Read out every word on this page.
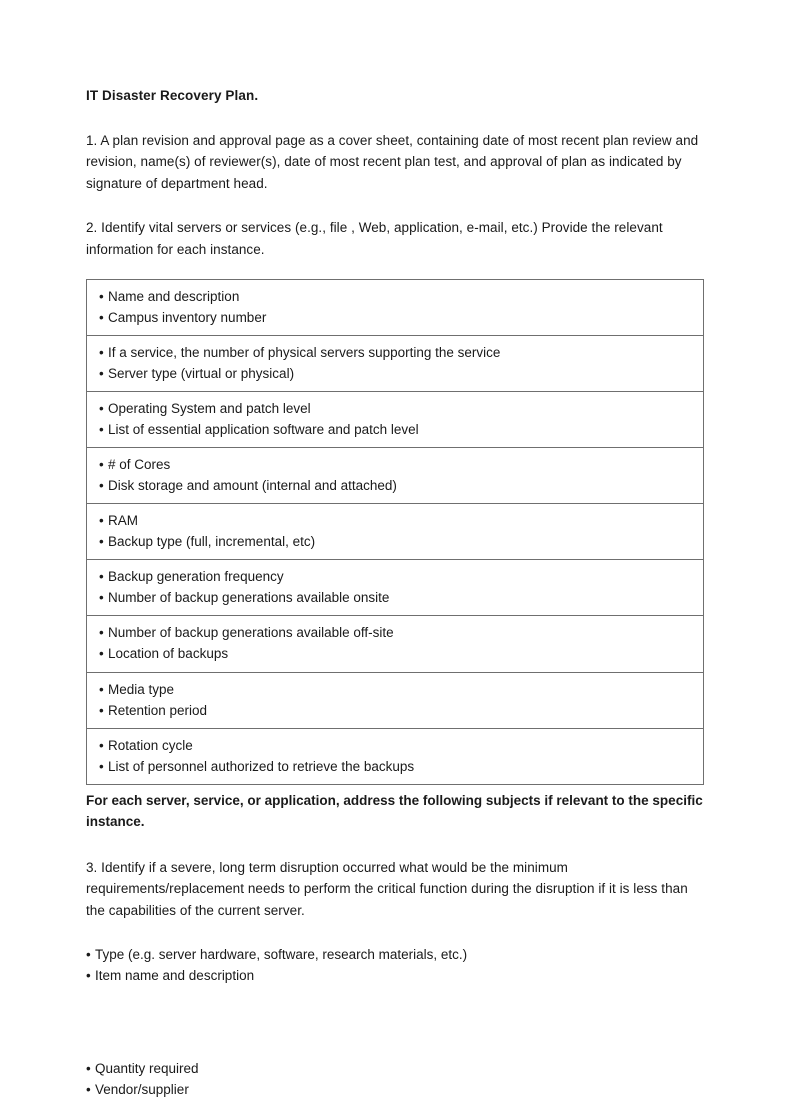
IT Disaster Recovery Plan.

1. A plan revision and approval page as a cover sheet, containing date of most recent plan review and revision, name(s) of reviewer(s), date of most recent plan test, and approval of plan as indicated by signature of department head.

2. Identify vital servers or services (e.g., file , Web, application, e-mail, etc.) Provide the relevant information for each instance.

• Name and description
• Campus inventory number

• If a service, the number of physical servers supporting the service
• Server type (virtual or physical)

• Operating System and patch level
• List of essential application software and patch level

• # of Cores
• Disk storage and amount (internal and attached)

• RAM
• Backup type (full, incremental, etc)

• Backup generation frequency
• Number of backup generations available onsite

• Number of backup generations available off-site
• Location of backups

• Media type
• Retention period

• Rotation cycle
• List of personnel authorized to retrieve the backups

For each server, service, or application, address the following subjects if relevant to the specific instance.

3. Identify if a severe, long term disruption occurred what would be the minimum requirements/replacement needs to perform the critical function during the disruption if it is less than the capabilities of the current server.

• Type (e.g. server hardware, software, research materials, etc.)
• Item name and description
• Quantity required
• Vendor/supplier
